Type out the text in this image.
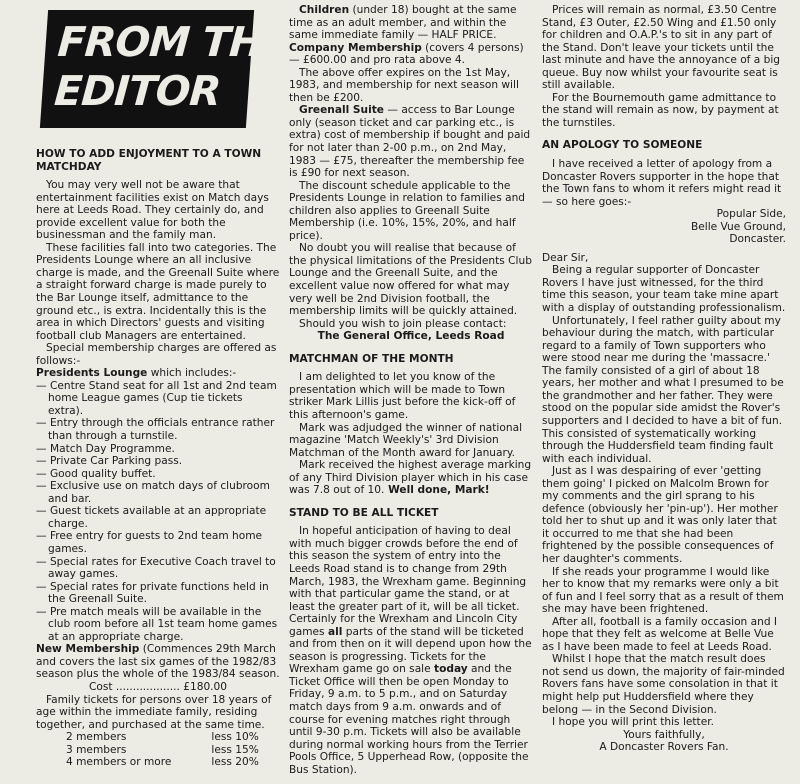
FROM THE
EDITOR
HOW TO ADD ENJOYMENT TO A TOWN MATCHDAY

You may very well not be aware that entertainment facilities exist on Match days here at Leeds Road. They certainly do, and provide excellent value for both the businessman and the family man.

These facilities fall into two categories. The Presidents Lounge where an all inclusive charge is made, and the Greenall Suite where a straight forward charge is made purely to the Bar Lounge itself, admittance to the ground etc., is extra. Incidentally this is the area in which Directors' guests and visiting football club Managers are entertained.

Special membership charges are offered as follows:-

Presidents Lounge which includes:-

— Centre Stand seat for all 1st and 2nd team home League games (Cup tie tickets extra).
— Entry through the officials entrance rather than through a turnstile.
— Match Day Programme.
— Private Car Parking pass.
— Good quality buffet.
— Exclusive use on match days of clubroom and bar.
— Guest tickets available at an appropriate charge.
— Free entry for guests to 2nd team home games.
— Special rates for Executive Coach travel to away games.
— Special rates for private functions held in the Greenall Suite.
— Pre match meals will be available in the club room before all 1st team home games at an appropriate charge.

New Membership (Commences 29th March and covers the last six games of the 1982/83 season plus the whole of the 1983/84 season.

Cost ................... £180.00

Family tickets for persons over 18 years of age within the immediate family, residing together, and purchased at the same time.

2 members	less 10%
3 members	less 15%
4 members or more	less 20%

Children (under 18) bought at the same time as an adult member, and within the same immediate family — HALF PRICE.

Company Membership (covers 4 persons) — £600.00 and pro rata above 4.

The above offer expires on the 1st May, 1983, and membership for next season will then be £200.

Greenall Suite — access to Bar Lounge only (season ticket and car parking etc., is extra) cost of membership if bought and paid for not later than 2-00 p.m., on 2nd May, 1983 — £75, thereafter the membership fee is £90 for next season.

The discount schedule applicable to the Presidents Lounge in relation to families and children also applies to Greenall Suite Membership (i.e. 10%, 15%, 20%, and half price).

No doubt you will realise that because of the physical limitations of the Presidents Club Lounge and the Greenall Suite, and the excellent value now offered for what may very well be 2nd Division football, the membership limits will be quickly attained.

Should you wish to join please contact:

The General Office, Leeds Road

MATCHMAN OF THE MONTH

I am delighted to let you know of the presentation which will be made to Town striker Mark Lillis just before the kick-off of this afternoon's game.

Mark was adjudged the winner of national magazine 'Match Weekly's' 3rd Division Matchman of the Month award for January.

Mark received the highest average marking of any Third Division player which in his case was 7.8 out of 10. Well done, Mark!

STAND TO BE ALL TICKET

In hopeful anticipation of having to deal with much bigger crowds before the end of this season the system of entry into the Leeds Road stand is to change from 29th March, 1983, the Wrexham game. Beginning with that particular game the stand, or at least the greater part of it, will be all ticket. Certainly for the Wrexham and Lincoln City games all parts of the stand will be ticketed and from then on it will depend upon how the season is progressing. Tickets for the Wrexham game go on sale today and the Ticket Office will then be open Monday to Friday, 9 a.m. to 5 p.m., and on Saturday match days from 9 a.m. onwards and of course for evening matches right through until 9-30 p.m. Tickets will also be available during normal working hours from the Terrier Pools Office, 5 Upperhead Row, (opposite the Bus Station).

Prices will remain as normal, £3.50 Centre Stand, £3 Outer, £2.50 Wing and £1.50 only for children and O.A.P.'s to sit in any part of the Stand. Don't leave your tickets until the last minute and have the annoyance of a big queue. Buy now whilst your favourite seat is still available.

For the Bournemouth game admittance to the stand will remain as now, by payment at the turnstiles.

AN APOLOGY TO SOMEONE

I have received a letter of apology from a Doncaster Rovers supporter in the hope that the Town fans to whom it refers might read it — so here goes:-

Popular Side,

Belle Vue Ground,

Doncaster.

Dear Sir,

Being a regular supporter of Doncaster Rovers I have just witnessed, for the third time this season, your team take mine apart with a display of outstanding professionalism.

Unfortunately, I feel rather guilty about my behaviour during the match, with particular regard to a family of Town supporters who were stood near me during the 'massacre.' The family consisted of a girl of about 18 years, her mother and what I presumed to be the grandmother and her father. They were stood on the popular side amidst the Rover's supporters and I decided to have a bit of fun. This consisted of systematically working through the Huddersfield team finding fault with each individual.

Just as I was despairing of ever 'getting them going' I picked on Malcolm Brown for my comments and the girl sprang to his defence (obviously her 'pin-up'). Her mother told her to shut up and it was only later that it occurred to me that she had been frightened by the possible consequences of her daughter's comments.

If she reads your programme I would like her to know that my remarks were only a bit of fun and I feel sorry that as a result of them she may have been frightened.

After all, football is a family occasion and I hope that they felt as welcome at Belle Vue as I have been made to feel at Leeds Road.

Whilst I hope that the match result does not send us down, the majority of fair-minded Rovers fans have some consolation in that it might help put Huddersfield where they belong — in the Second Division.

I hope you will print this letter.

Yours faithfully,

A Doncaster Rovers Fan.
